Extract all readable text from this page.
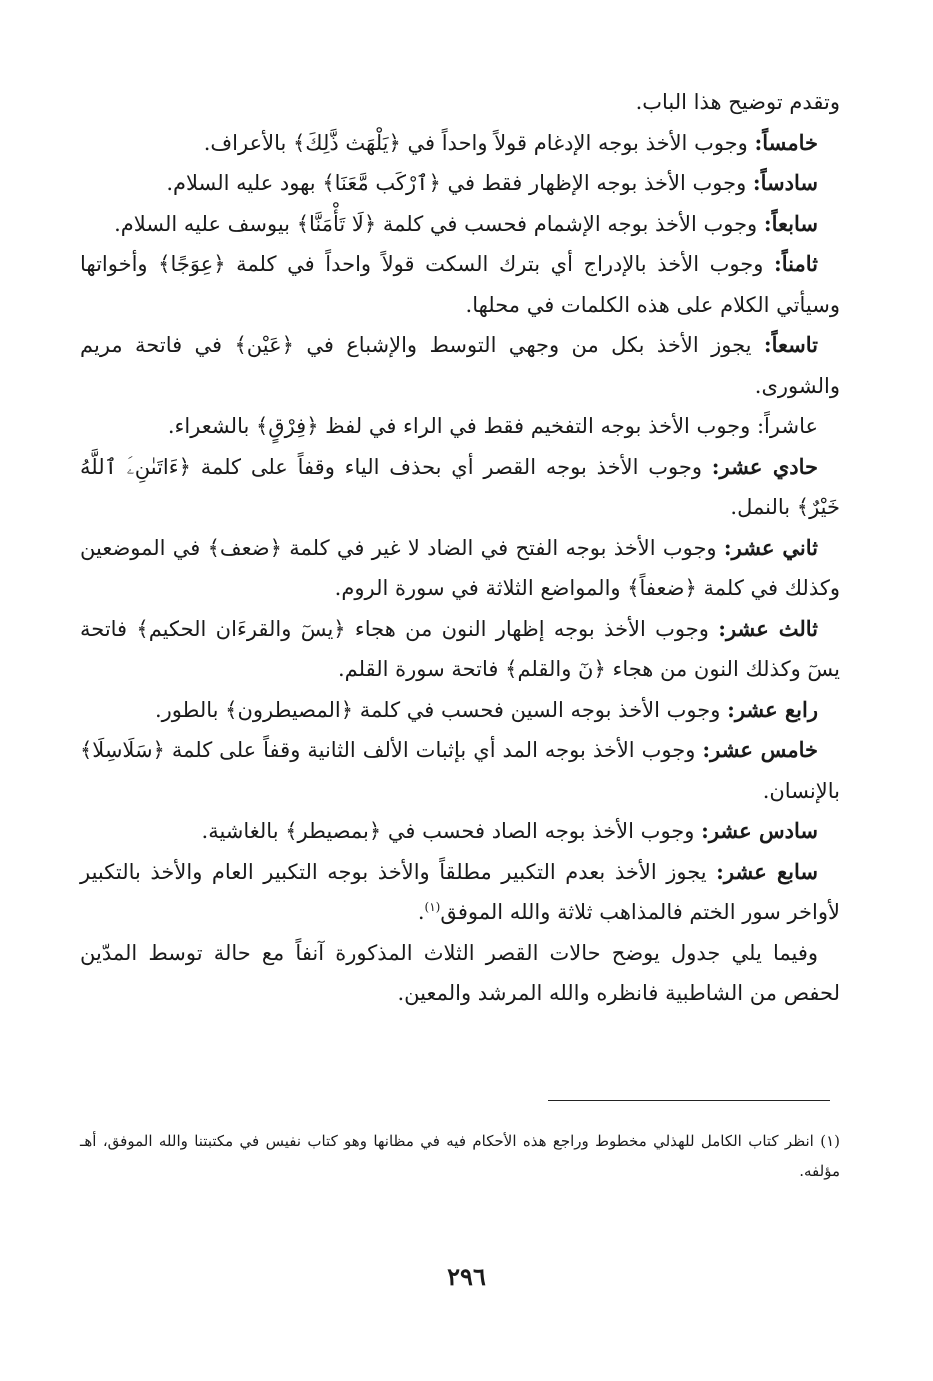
وتقدم توضيح هذا الباب.

خامساً: وجوب الأخذ بوجه الإدغام قولاً واحداً في ﴿يَلْهَث ذَّلِكَ﴾ بالأعراف.

سادساً: وجوب الأخذ بوجه الإظهار فقط في ﴿ٱرْكَب مَّعَنَا﴾ بهود عليه السلام.

سابعاً: وجوب الأخذ بوجه الإشمام فحسب في كلمة ﴿لَا تَأْمَنَّا﴾ بيوسف عليه السلام.

ثامناً: وجوب الأخذ بالإدراج أي بترك السكت قولاً واحداً في كلمة ﴿عِوَجًا﴾ وأخواتها وسيأتي الكلام على هذه الكلمات في محلها.

تاسعاً: يجوز الأخذ بكل من وجهي التوسط والإشباع في ﴿عَيْن﴾ في فاتحة مريم والشورى.

عاشراً: وجوب الأخذ بوجه التفخيم فقط في الراء في لفظ ﴿فِرْقٍ﴾ بالشعراء.

حادي عشر: وجوب الأخذ بوجه القصر أي بحذف الياء وقفاً على كلمة ﴿ءَاتَىٰنِۦَ ٱللَّهُ خَيْرٌ﴾ بالنمل.

ثاني عشر: وجوب الأخذ بوجه الفتح في الضاد لا غير في كلمة ﴿ضعف﴾ في الموضعين وكذلك في كلمة ﴿ضعفاً﴾ والمواضع الثلاثة في سورة الروم.

ثالث عشر: وجوب الأخذ بوجه إظهار النون من هجاء ﴿يسٓ والقرءَان الحكيم﴾ فاتحة يسٓ وكذلك النون من هجاء ﴿نٓ والقلم﴾ فاتحة سورة القلم.

رابع عشر: وجوب الأخذ بوجه السين فحسب في كلمة ﴿المصيطرون﴾ بالطور.

خامس عشر: وجوب الأخذ بوجه المد أي بإثبات الألف الثانية وقفاً على كلمة ﴿سَلَاسِلَا﴾ بالإنسان.

سادس عشر: وجوب الأخذ بوجه الصاد فحسب في ﴿بمصيطر﴾ بالغاشية.

سابع عشر: يجوز الأخذ بعدم التكبير مطلقاً والأخذ بوجه التكبير العام والأخذ بالتكبير لأواخر سور الختم فالمذاهب ثلاثة والله الموفق$^{(١)}$.

وفيما يلي جدول يوضح حالات القصر الثلاث المذكورة آنفاً مع حالة توسط المدّين لحفص من الشاطبية فانظره والله المرشد والمعين.

(١) انظر كتاب الكامل للهذلي مخطوط وراجع هذه الأحكام فيه في مظانها وهو كتاب نفيس في مكتبتنا والله الموفق، أهـ مؤلفه.

٢٩٦
